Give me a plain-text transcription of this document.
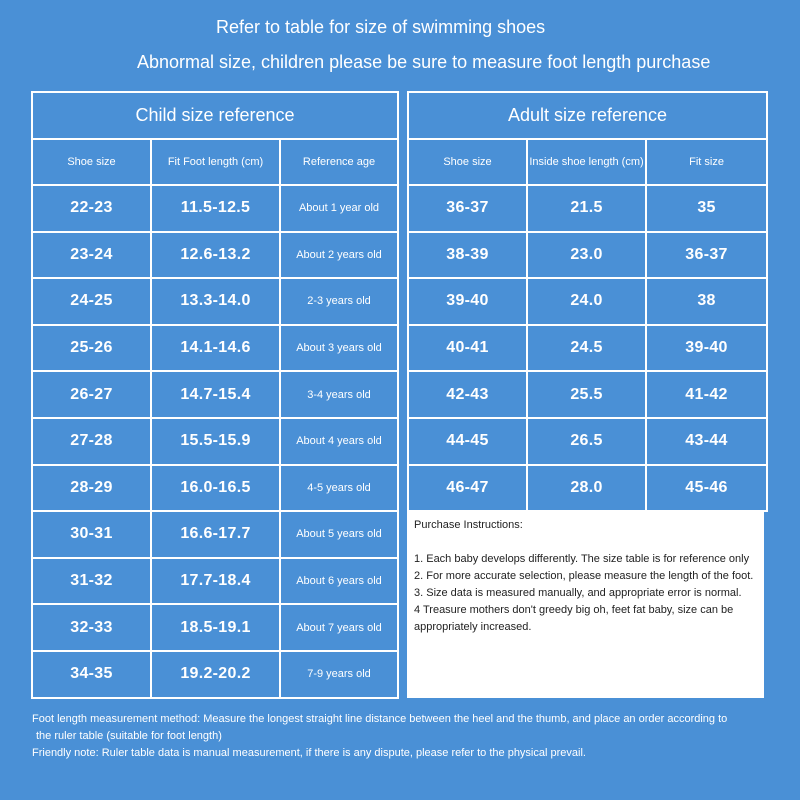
Refer to table for size of swimming shoes
Abnormal size, children please be sure to measure foot length purchase
Child size reference		
Shoe size	Fit Foot length (cm)	Reference age
22-23	11.5-12.5	About 1 year old
23-24	12.6-13.2	About 2 years old
24-25	13.3-14.0	2-3 years old
25-26	14.1-14.6	About 3 years old
26-27	14.7-15.4	3-4 years old
27-28	15.5-15.9	About 4 years old
28-29	16.0-16.5	4-5 years old
30-31	16.6-17.7	About 5 years old
31-32	17.7-18.4	About 6 years old
32-33	18.5-19.1	About 7 years old
34-35	19.2-20.2	7-9 years old
Adult size reference		
Shoe size	Inside shoe length (cm)	Fit size
36-37	21.5	35
38-39	23.0	36-37
39-40	24.0	38
40-41	24.5	39-40
42-43	25.5	41-42
44-45	26.5	43-44
46-47	28.0	45-46
Purchase Instructions:
1. Each baby develops differently. The size table is for reference only
2. For more accurate selection, please measure the length of the foot.
3. Size data is measured manually, and appropriate error is normal.
4 Treasure mothers don't greedy big oh, feet fat baby, size can be appropriately increased.
Foot length measurement method: Measure the longest straight line distance between the heel and the thumb, and place an order according to
the ruler table (suitable for foot length)
Friendly note: Ruler table data is manual measurement, if there is any dispute, please refer to the physical prevail.
